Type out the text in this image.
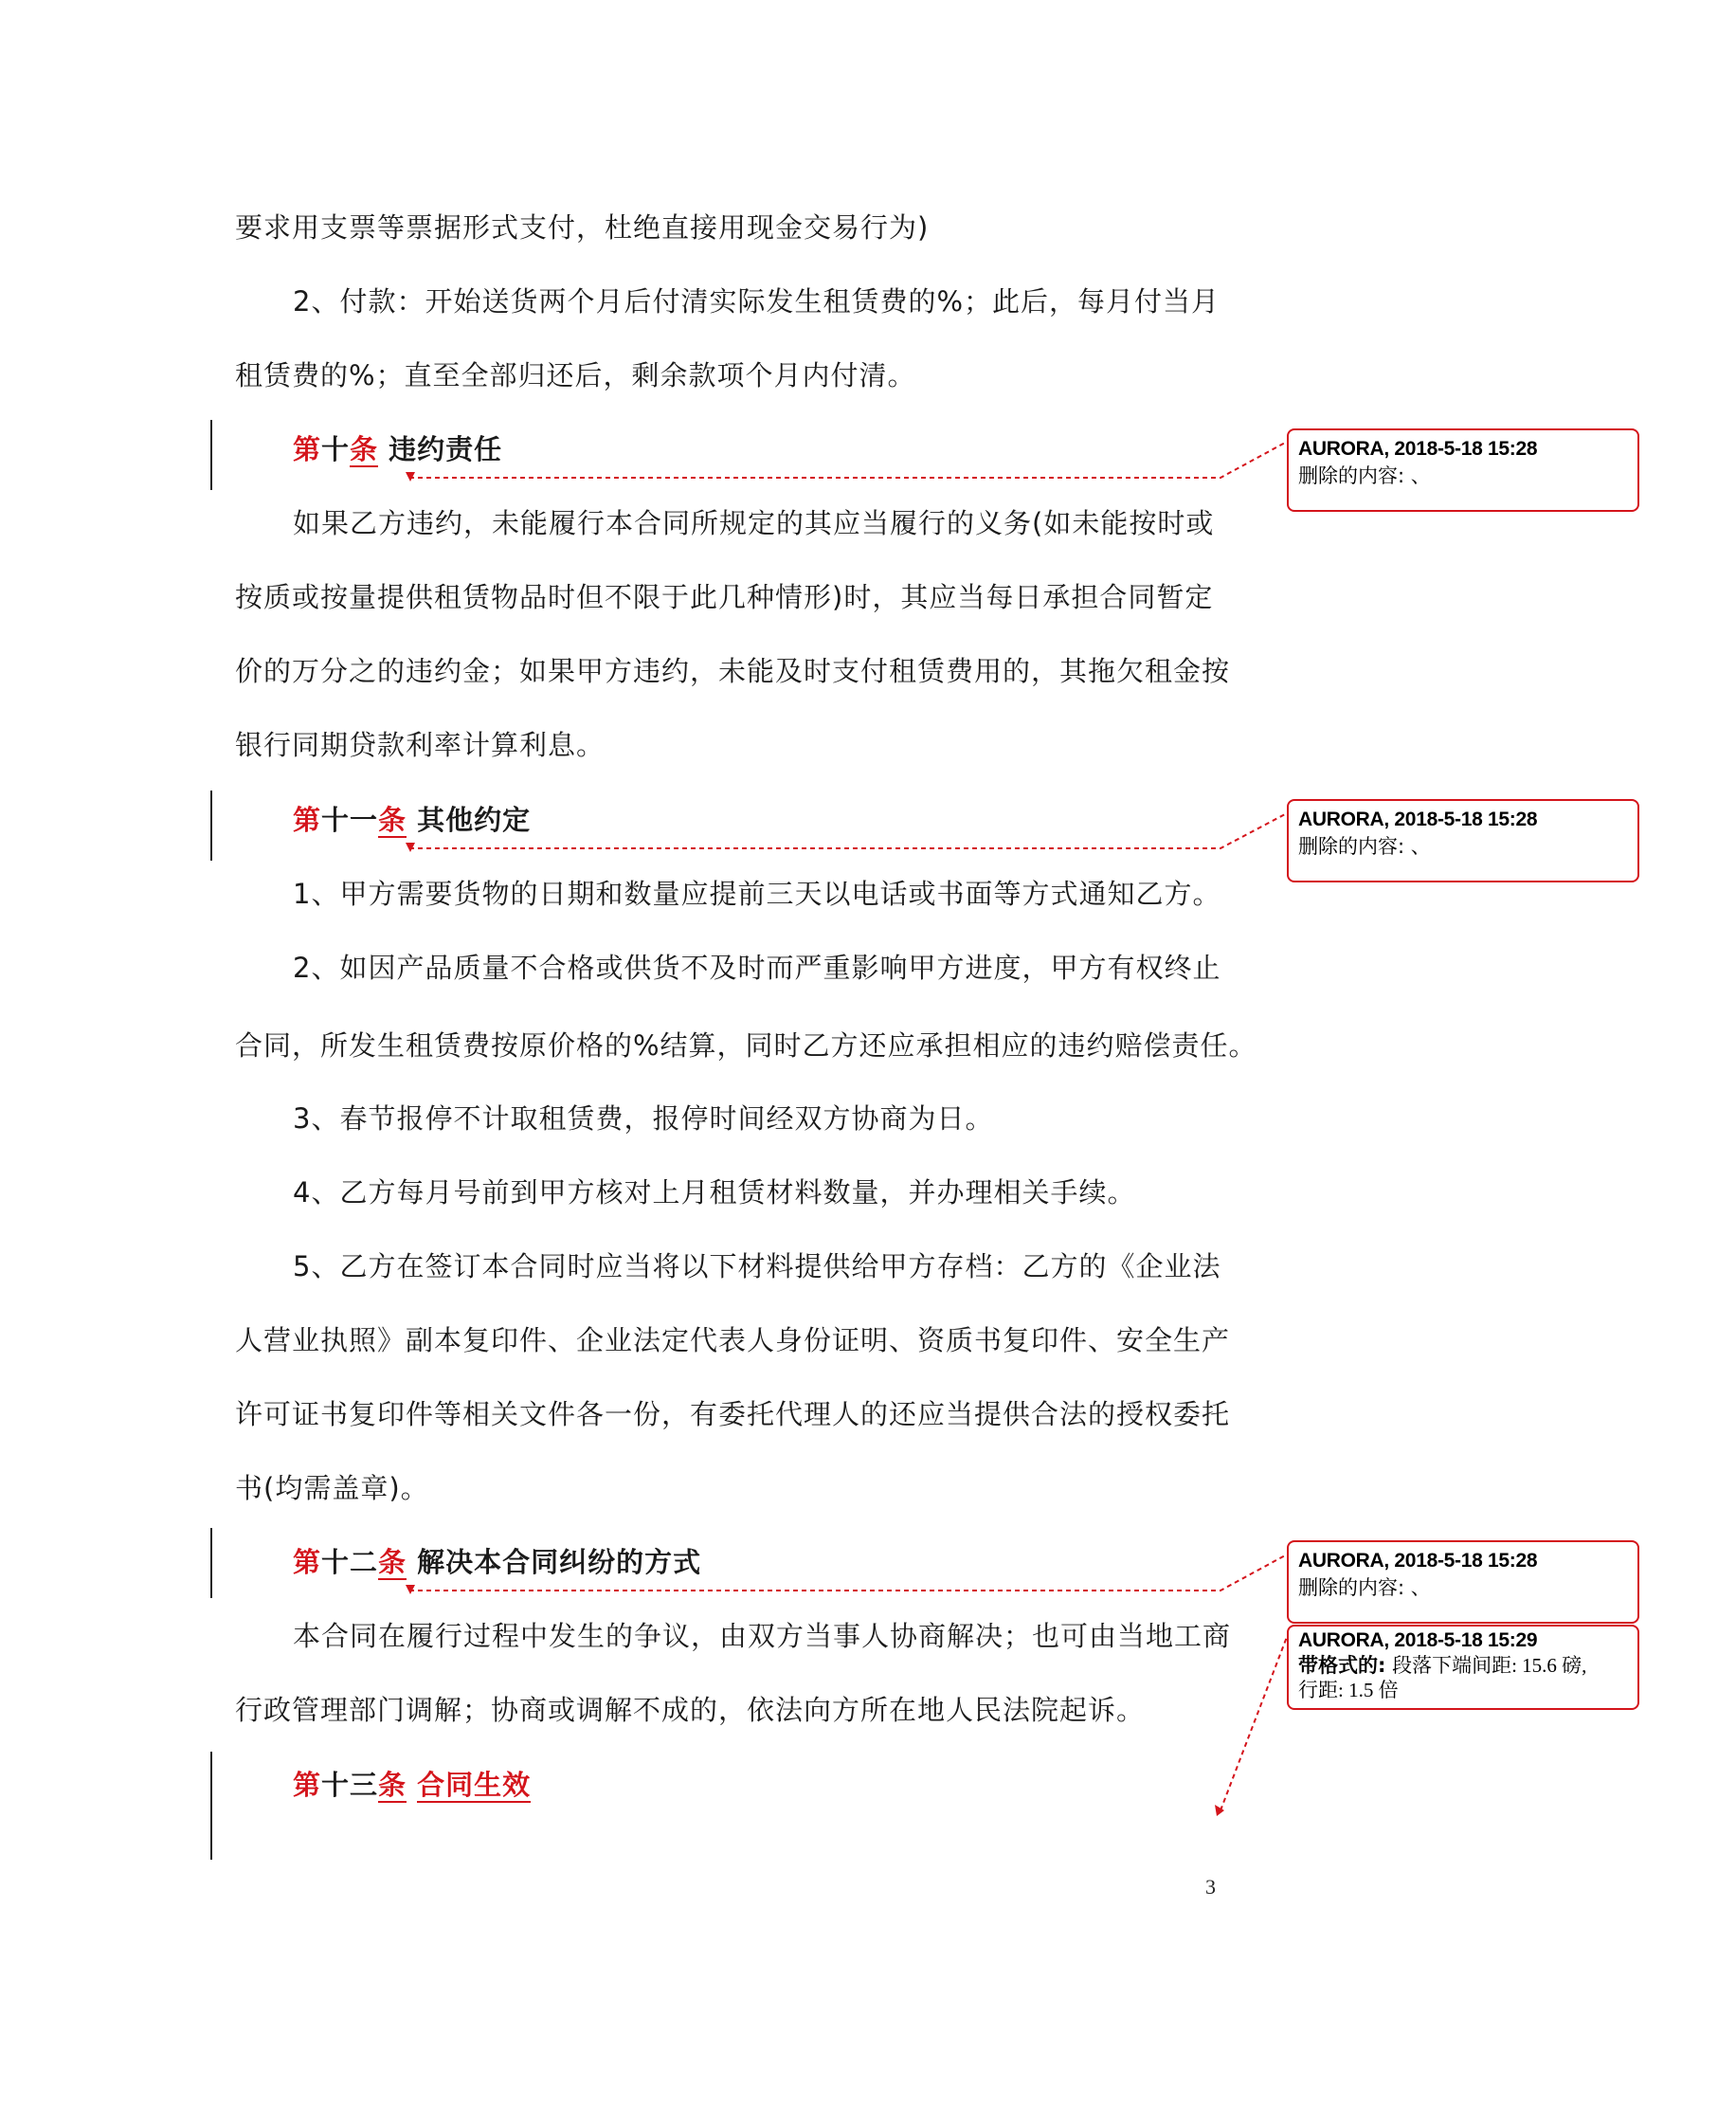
要求用支票等票据形式支付，杜绝直接用现金交易行为)
2、付款：开始送货两个月后付清实际发生租赁费的%；此后，每月付当月
租赁费的%；直至全部归还后，剩余款项个月内付清。
第十条 违约责任
如果乙方违约，未能履行本合同所规定的其应当履行的义务(如未能按时或
按质或按量提供租赁物品时但不限于此几种情形)时，其应当每日承担合同暂定
价的万分之的违约金；如果甲方违约，未能及时支付租赁费用的，其拖欠租金按
银行同期贷款利率计算利息。
第十一条 其他约定
1、甲方需要货物的日期和数量应提前三天以电话或书面等方式通知乙方。
2、如因产品质量不合格或供货不及时而严重影响甲方进度，甲方有权终止
合同，所发生租赁费按原价格的%结算，同时乙方还应承担相应的违约赔偿责任。
3、春节报停不计取租赁费，报停时间经双方协商为日。
4、乙方每月号前到甲方核对上月租赁材料数量，并办理相关手续。
5、乙方在签订本合同时应当将以下材料提供给甲方存档：乙方的《企业法
人营业执照》副本复印件、企业法定代表人身份证明、资质书复印件、安全生产
许可证书复印件等相关文件各一份，有委托代理人的还应当提供合法的授权委托
书(均需盖章)。
第十二条 解决本合同纠纷的方式
本合同在履行过程中发生的争议，由双方当事人协商解决；也可由当地工商
行政管理部门调解；协商或调解不成的，依法向方所在地人民法院起诉。
第十三条 合同生效
AURORA, 2018-5-18 15:28
删除的内容: 、
AURORA, 2018-5-18 15:28
删除的内容: 、
AURORA, 2018-5-18 15:28
删除的内容: 、
AURORA, 2018-5-18 15:29
带格式的: 段落下端间距: 15.6 磅,
行距: 1.5 倍
3
